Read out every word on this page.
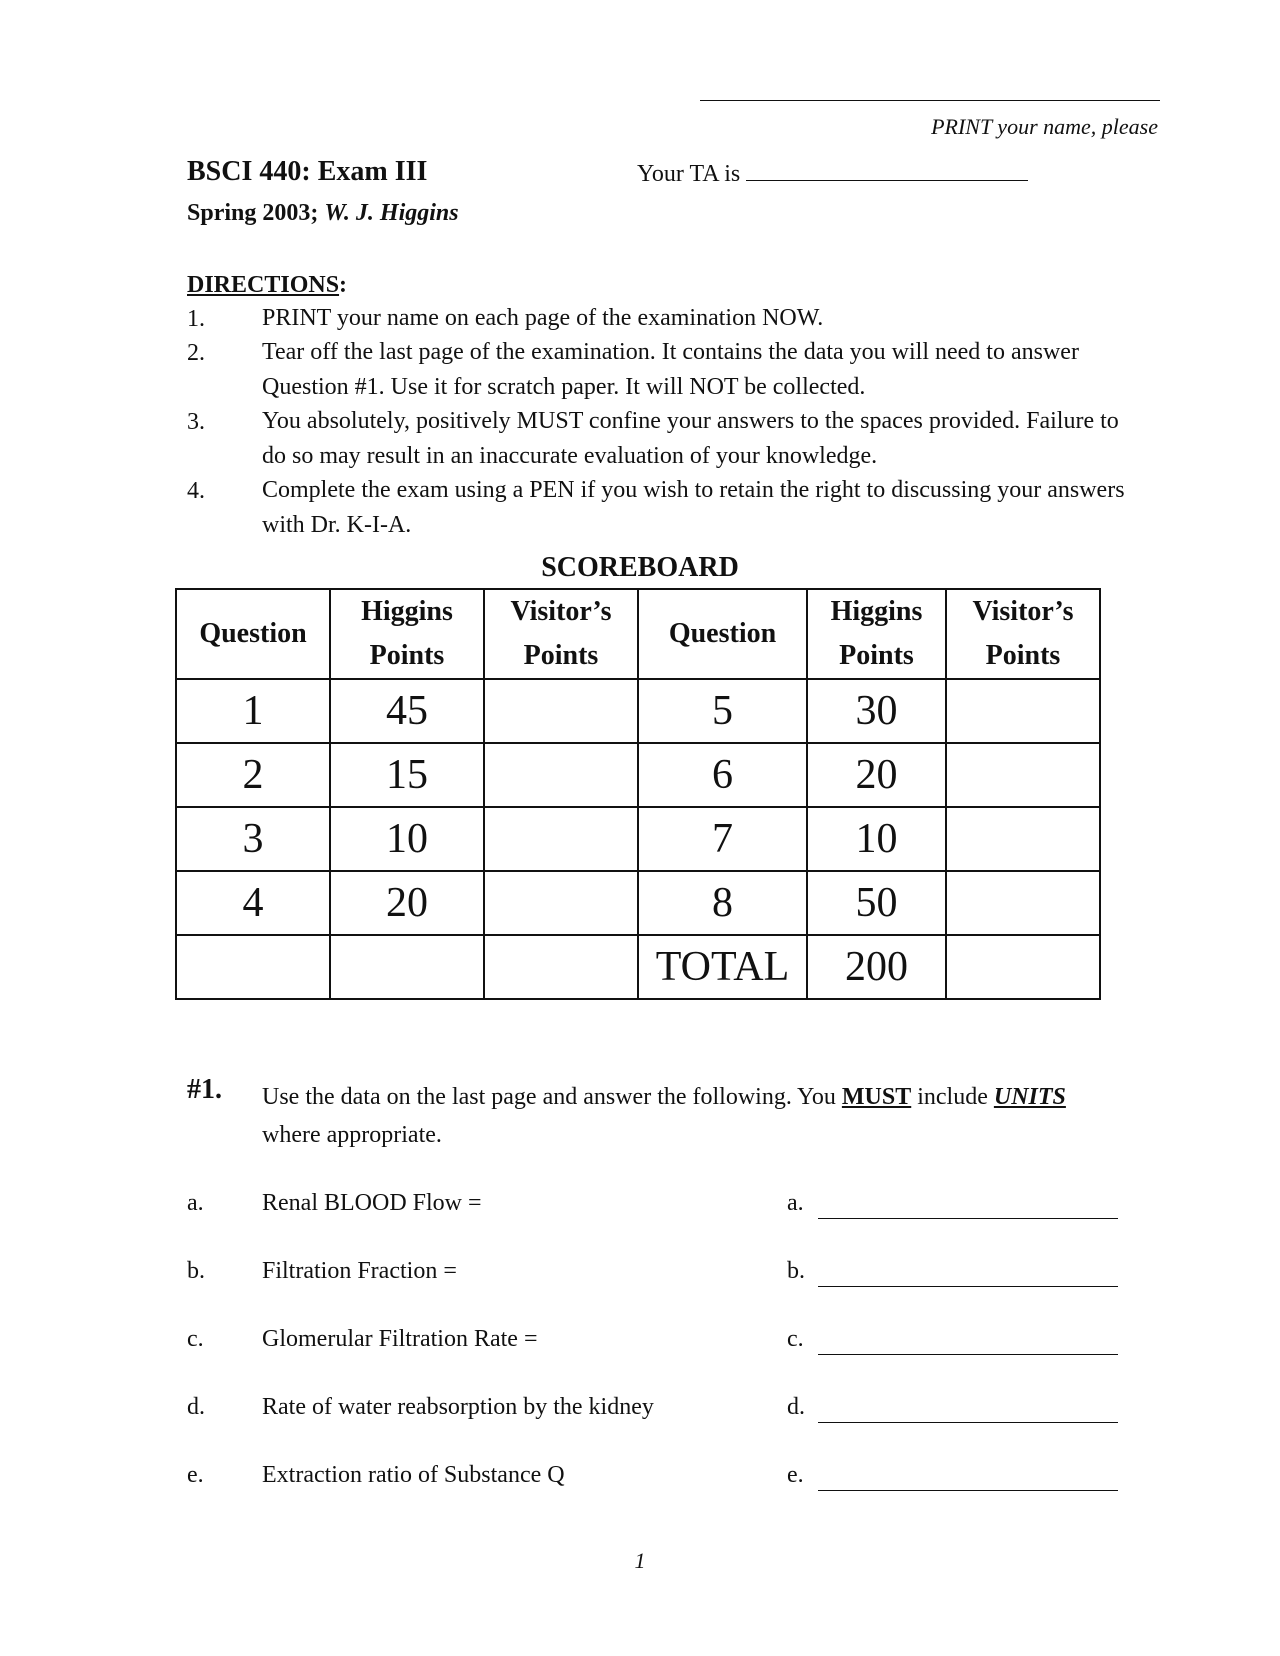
PRINT your name, please
BSCI 440: Exam III	Your TA is
Spring 2003; W. J. Higgins
DIRECTIONS:
1. PRINT your name on each page of the examination NOW.
2. Tear off the last page of the examination. It contains the data you will need to answer Question #1. Use it for scratch paper. It will NOT be collected.
3. You absolutely, positively MUST confine your answers to the spaces provided. Failure to do so may result in an inaccurate evaluation of your knowledge.
4. Complete the exam using a PEN if you wish to retain the right to discussing your answers with Dr. K-I-A.
SCOREBOARD
Question	Higgins Points	Visitor’s Points	Question	Higgins Points	Visitor’s Points
1	45		5	30	
2	15		6	20	
3	10		7	10	
4	20		8	50	
			TOTAL	200	
#1. Use the data on the last page and answer the following. You MUST include UNITS
where appropriate.
a. Renal BLOOD Flow =	a.
b. Filtration Fraction =	b.
c. Glomerular Filtration Rate =	c.
d. Rate of water reabsorption by the kidney	d.
e. Extraction ratio of Substance Q	e.
1
